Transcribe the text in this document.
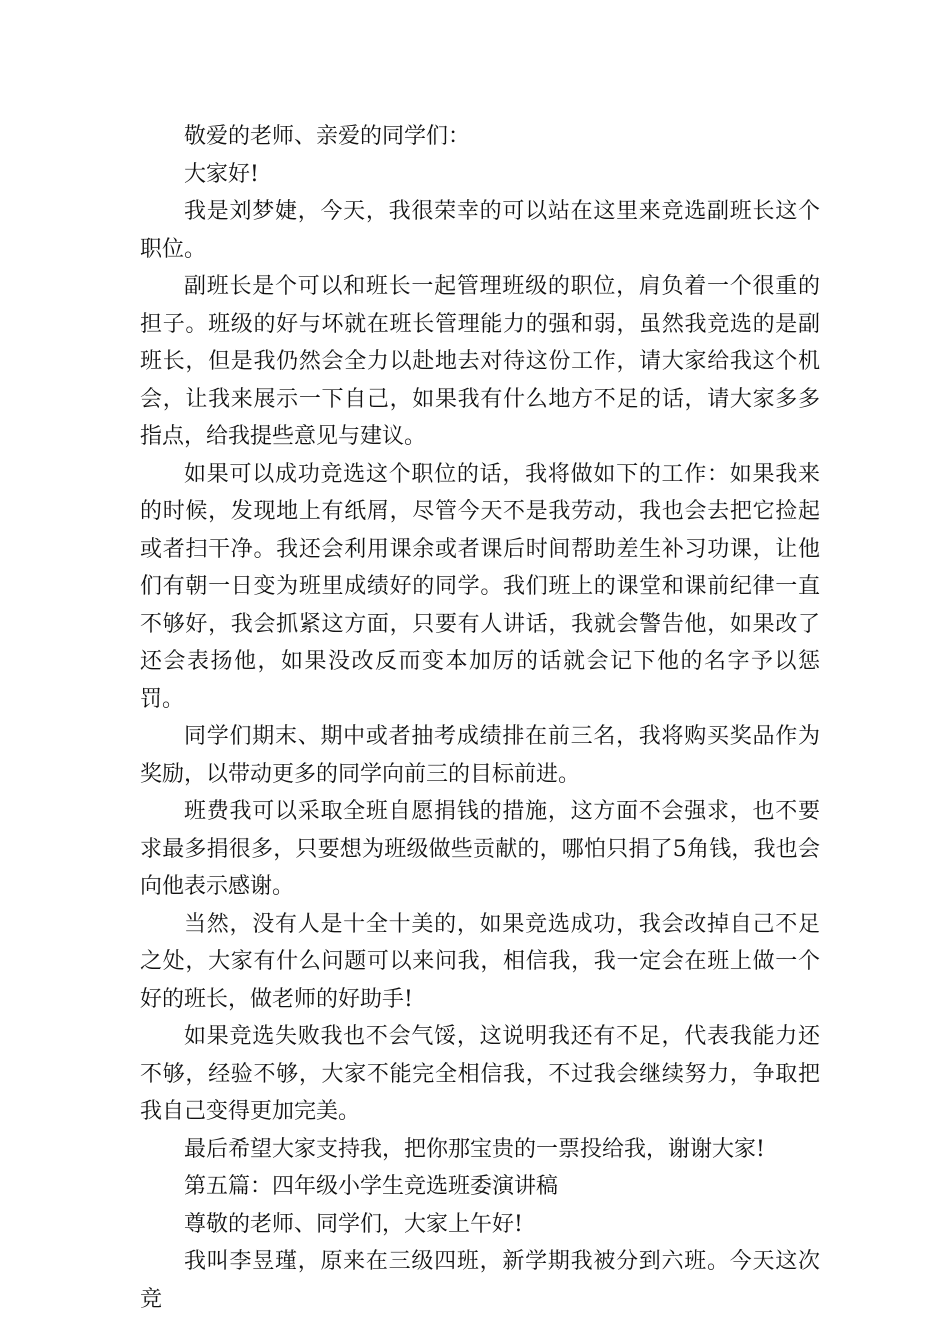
敬爱的老师、亲爱的同学们：

大家好!

我是刘梦婕，今天，我很荣幸的可以站在这里来竞选副班长这个职位。

副班长是个可以和班长一起管理班级的职位，肩负着一个很重的担子。班级的好与坏就在班长管理能力的强和弱，虽然我竞选的是副班长，但是我仍然会全力以赴地去对待这份工作，请大家给我这个机会，让我来展示一下自己，如果我有什么地方不足的话，请大家多多指点，给我提些意见与建议。

如果可以成功竞选这个职位的话，我将做如下的工作：如果我来的时候，发现地上有纸屑，尽管今天不是我劳动，我也会去把它捡起或者扫干净。我还会利用课余或者课后时间帮助差生补习功课，让他们有朝一日变为班里成绩好的同学。我们班上的课堂和课前纪律一直不够好，我会抓紧这方面，只要有人讲话，我就会警告他，如果改了还会表扬他，如果没改反而变本加厉的话就会记下他的名字予以惩罚。

同学们期末、期中或者抽考成绩排在前三名，我将购买奖品作为奖励，以带动更多的同学向前三的目标前进。

班费我可以采取全班自愿捐钱的措施，这方面不会强求，也不要求最多捐很多，只要想为班级做些贡献的，哪怕只捐了5角钱，我也会向他表示感谢。

当然，没有人是十全十美的，如果竞选成功，我会改掉自己不足之处，大家有什么问题可以来问我，相信我，我一定会在班上做一个好的班长，做老师的好助手!

如果竞选失败我也不会气馁，这说明我还有不足，代表我能力还不够，经验不够，大家不能完全相信我，不过我会继续努力，争取把我自己变得更加完美。

最后希望大家支持我，把你那宝贵的一票投给我，谢谢大家!

第五篇：四年级小学生竞选班委演讲稿

尊敬的老师、同学们，大家上午好!

我叫李昱瑾，原来在三级四班，新学期我被分到六班。今天这次竞
